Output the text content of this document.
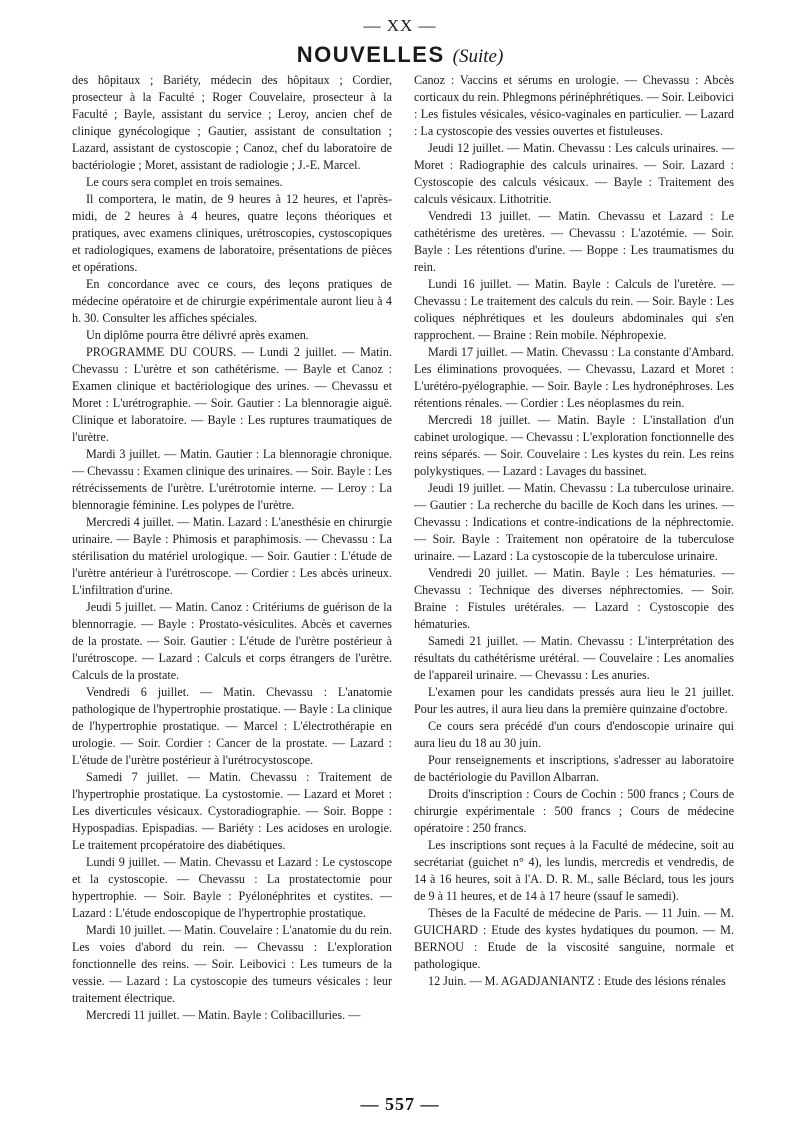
— XX —
NOUVELLES (Suite)

des hôpitaux ; Bariéty, médecin des hôpitaux ; Cordier, prosecteur à la Faculté ; Roger Couvelaire, prosecteur à la Faculté ; Bayle, assistant du service ; Leroy, ancien chef de clinique gynécologique ; Gautier, assistant de consultation ; Lazard, assistant de cystoscopie ; Canoz, chef du laboratoire de bactériologie ; Moret, assistant de radiologie ; J.-E. Marcel.

Le cours sera complet en trois semaines.

Il comportera, le matin, de 9 heures à 12 heures, et l'après-midi, de 2 heures à 4 heures, quatre leçons théoriques et pratiques, avec examens cliniques, urétroscopies, cystoscopiques et radiologiques, examens de laboratoire, présentations de pièces et opérations.

En concordance avec ce cours, des leçons pratiques de médecine opératoire et de chirurgie expérimentale auront lieu à 4 h. 30. Consulter les affiches spéciales.

Un diplôme pourra être délivré après examen.

PROGRAMME DU COURS. — Lundi 2 juillet. — Matin. Chevassu : L'urètre et son cathétérisme. — Bayle et Canoz : Examen clinique et bactériologique des urines. — Chevassu et Moret : L'urétrographie. — Soir. Gautier : La blennoragie aiguë. Clinique et laboratoire. — Bayle : Les ruptures traumatiques de l'urètre.

Mardi 3 juillet. — Matin. Gautier : La blennoragie chronique. — Chevassu : Examen clinique des urinaires. — Soir. Bayle : Les rétrécissements de l'urètre. L'urétrotomie interne. — Leroy : La blennoragie féminine. Les polypes de l'urètre.

Mercredi 4 juillet. — Matin. Lazard : L'anesthésie en chirurgie urinaire. — Bayle : Phimosis et paraphimosis. — Chevassu : La stérilisation du matériel urologique. — Soir. Gautier : L'étude de l'urètre antérieur à l'urétroscope. — Cordier : Les abcès urineux. L'infiltration d'urine.

Jeudi 5 juillet. — Matin. Canoz : Critériums de guérison de la blennorragie. — Bayle : Prostato-vésiculites. Abcès et cavernes de la prostate. — Soir. Gautier : L'étude de l'urètre postérieur à l'urétroscope. — Lazard : Calculs et corps étrangers de l'urètre. Calculs de la prostate.

Vendredi 6 juillet. — Matin. Chevassu : L'anatomie pathologique de l'hypertrophie prostatique. — Bayle : La clinique de l'hypertrophie prostatique. — Marcel : L'électrothérapie en urologie. — Soir. Cordier : Cancer de la prostate. — Lazard : L'étude de l'urètre postérieur à l'urétrocystoscope.

Samedi 7 juillet. — Matin. Chevassu : Traitement de l'hypertrophie prostatique. La cystostomie. — Lazard et Moret : Les diverticules vésicaux. Cystoradiographie. — Soir. Boppe : Hypospadias. Epispadias. — Bariéty : Les acidoses en urologie. Le traitement prcopératoire des diabétiques.

Lundi 9 juillet. — Matin. Chevassu et Lazard : Le cystoscope et la cystoscopie. — Chevassu : La prostatectomie pour hypertrophie. — Soir. Bayle : Pyélonéphrites et cystites. — Lazard : L'étude endoscopique de l'hypertrophie prostatique.

Mardi 10 juillet. — Matin. Couvelaire : L'anatomie du du rein. Les voies d'abord du rein. — Chevassu : L'exploration fonctionnelle des reins. — Soir. Leibovici : Les tumeurs de la vessie. — Lazard : La cystoscopie des tumeurs vésicales : leur traitement électrique.

Mercredi 11 juillet. — Matin. Bayle : Colibacilluries. —

Canoz : Vaccins et sérums en urologie. — Chevassu : Abcès corticaux du rein. Phlegmons périnéphrétiques. — Soir. Leibovici : Les fistules vésicales, vésico-vaginales en particulier. — Lazard : La cystoscopie des vessies ouvertes et fistuleuses.

Jeudi 12 juillet. — Matin. Chevassu : Les calculs urinaires. — Moret : Radiographie des calculs urinaires. — Soir. Lazard : Cystoscopie des calculs vésicaux. — Bayle : Traitement des calculs vésicaux. Lithotritie.

Vendredi 13 juillet. — Matin. Chevassu et Lazard : Le cathétérisme des uretères. — Chevassu : L'azotémie. — Soir. Bayle : Les rétentions d'urine. — Boppe : Les traumatismes du rein.

Lundi 16 juillet. — Matin. Bayle : Calculs de l'uretère. — Chevassu : Le traitement des calculs du rein. — Soir. Bayle : Les coliques néphrétiques et les douleurs abdominales qui s'en rapprochent. — Braine : Rein mobile. Néphropexie.

Mardi 17 juillet. — Matin. Chevassu : La constante d'Ambard. Les éliminations provoquées. — Chevassu, Lazard et Moret : L'urétéro-pyélographie. — Soir. Bayle : Les hydronéphroses. Les rétentions rénales. — Cordier : Les néoplasmes du rein.

Mercredi 18 juillet. — Matin. Bayle : L'installation d'un cabinet urologique. — Chevassu : L'exploration fonctionnelle des reins séparés. — Soir. Couvelaire : Les kystes du rein. Les reins polykystiques. — Lazard : Lavages du bassinet.

Jeudi 19 juillet. — Matin. Chevassu : La tuberculose urinaire. — Gautier : La recherche du bacille de Koch dans les urines. — Chevassu : Indications et contre-indications de la néphrectomie. — Soir. Bayle : Traitement non opératoire de la tuberculose urinaire. — Lazard : La cystoscopie de la tuberculose urinaire.

Vendredi 20 juillet. — Matin. Bayle : Les hématuries. — Chevassu : Technique des diverses néphrectomies. — Soir. Braine : Fistules urétérales. — Lazard : Cystoscopie des hématuries.

Samedi 21 juillet. — Matin. Chevassu : L'interprétation des résultats du cathétérisme urétéral. — Couvelaire : Les anomalies de l'appareil urinaire. — Chevassu : Les anuries.

L'examen pour les candidats pressés aura lieu le 21 juillet. Pour les autres, il aura lieu dans la première quinzaine d'octobre.

Ce cours sera précédé d'un cours d'endoscopie urinaire qui aura lieu du 18 au 30 juin.

Pour renseignements et inscriptions, s'adresser au laboratoire de bactériologie du Pavillon Albarran.

Droits d'inscription : Cours de Cochin : 500 francs ; Cours de chirurgie expérimentale : 500 francs ; Cours de médecine opératoire : 250 francs.

Les inscriptions sont reçues à la Faculté de médecine, soit au secrétariat (guichet n° 4), les lundis, mercredis et vendredis, de 14 à 16 heures, soit à l'A. D. R. M., salle Béclard, tous les jours de 9 à 11 heures, et de 14 à 17 heure (ssauf le samedi).

Thèses de la Faculté de médecine de Paris. — 11 Juin. — M. GUICHARD : Etude des kystes hydatiques du poumon. — M. BERNOU : Etude de la viscosité sanguine, normale et pathologique.

12 Juin. — M. AGADJANIANTZ : Etude des lésions rénales

— 557 —
